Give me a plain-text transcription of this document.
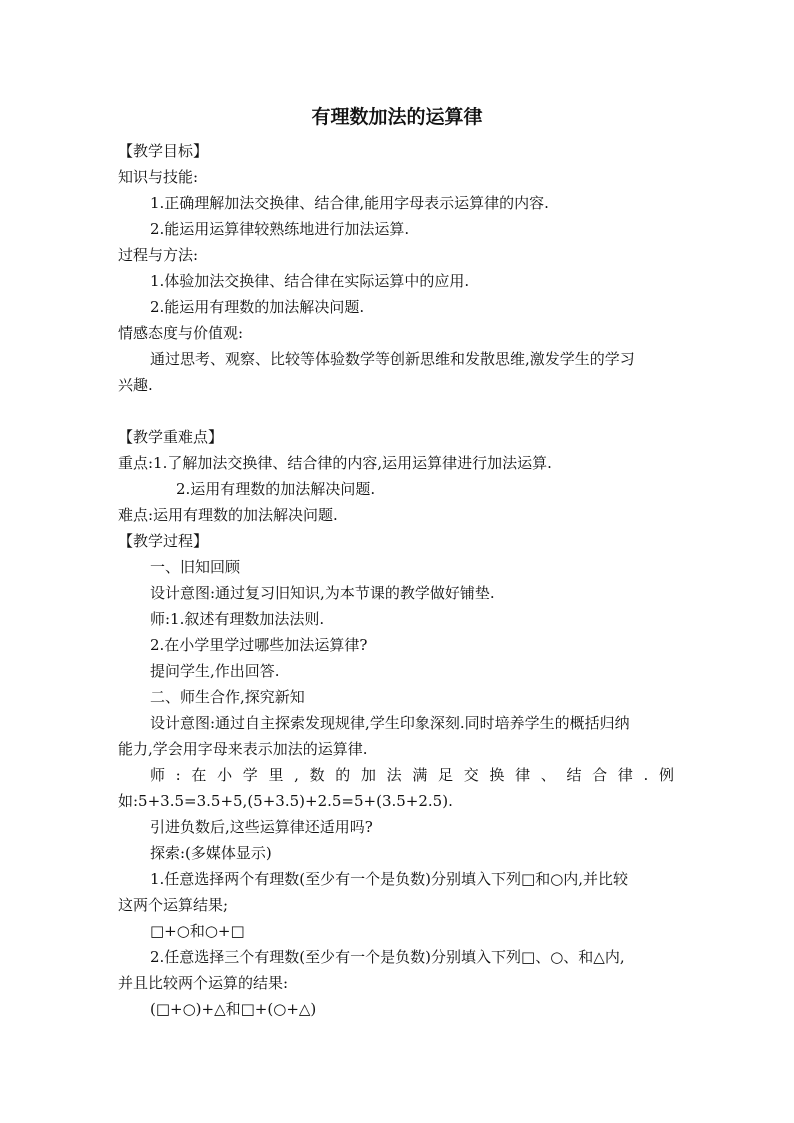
有理数加法的运算律
【教学目标】
知识与技能:
1.正确理解加法交换律、结合律,能用字母表示运算律的内容.
2.能运用运算律较熟练地进行加法运算.
过程与方法:
1.体验加法交换律、结合律在实际运算中的应用.
2.能运用有理数的加法解决问题.
情感态度与价值观:
通过思考、观察、比较等体验数学等创新思维和发散思维,激发学生的学习
兴趣.
【教学重难点】
重点:1.了解加法交换律、结合律的内容,运用运算律进行加法运算.
2.运用有理数的加法解决问题.
难点:运用有理数的加法解决问题.
【教学过程】
一、旧知回顾
设计意图:通过复习旧知识,为本节课的教学做好铺垫.
师:1.叙述有理数加法法则.
2.在小学里学过哪些加法运算律?
提问学生,作出回答.
二、师生合作,探究新知
设计意图:通过自主探索发现规律,学生印象深刻.同时培养学生的概括归纳
能力,学会用字母来表示加法的运算律.
师:在小学里,数的加法满足交换律、结合律.例
如:5+3.5=3.5+5,(5+3.5)+2.5=5+(3.5+2.5).
引进负数后,这些运算律还适用吗?
探索:(多媒体显示)
1.任意选择两个有理数(至少有一个是负数)分别填入下列□和○内,并比较
这两个运算结果;
□+○和○+□
2.任意选择三个有理数(至少有一个是负数)分别填入下列□、○、和△内,
并且比较两个运算的结果:
(□+○)+△和□+(○+△)
